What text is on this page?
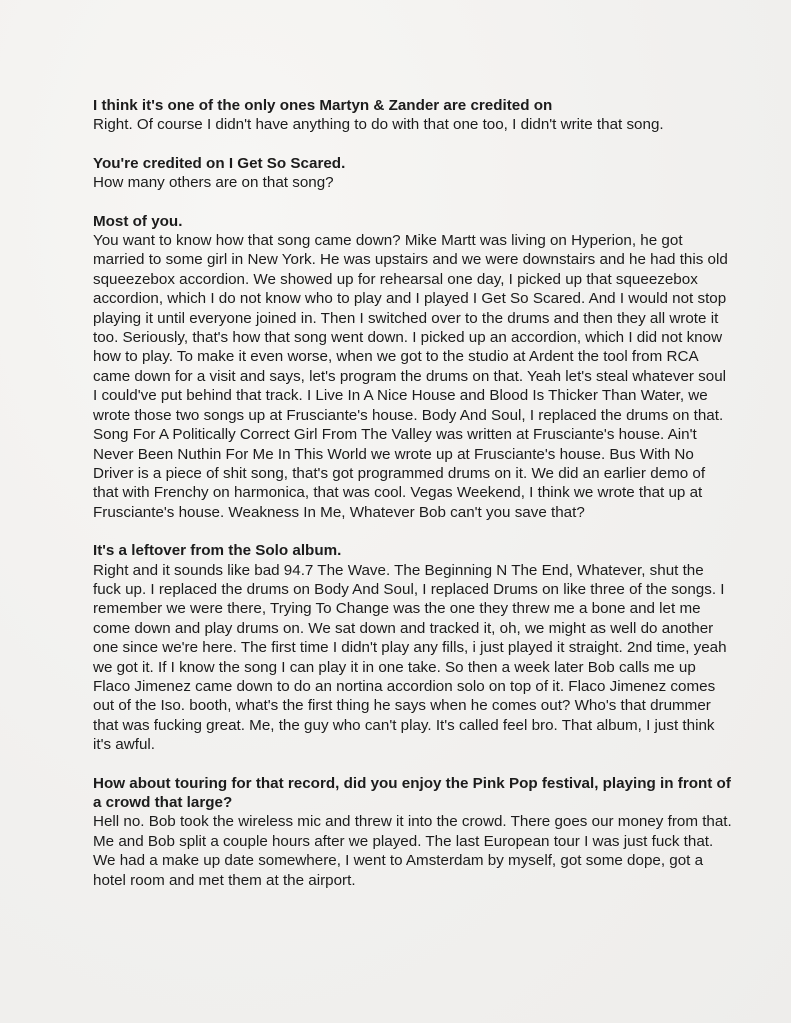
I think it's one of the only ones Martyn & Zander are credited on

Right. Of course I didn't have anything to do with that one too, I didn't write that song.

You're credited on I Get So Scared.

How many others are on that song?

Most of you.

You want to know how that song came down? Mike Martt was living on Hyperion, he got married to some girl in New York. He was upstairs and we were downstairs and he had this old squeezebox accordion. We showed up for rehearsal one day, I picked up that squeezebox accordion, which I do not know who to play and I played I Get So Scared. And I would not stop playing it until everyone joined in. Then I switched over to the drums and then they all wrote it too. Seriously, that's how that song went down. I picked up an accordion, which I did not know how to play. To make it even worse, when we got to the studio at Ardent the tool from RCA came down for a visit and says, let's program the drums on that. Yeah let's steal whatever soul I could've put behind that track. I Live In A Nice House and Blood Is Thicker Than Water, we wrote those two songs up at Frusciante's house. Body And Soul, I replaced the drums on that. Song For A Politically Correct Girl From The Valley was written at Frusciante's house. Ain't Never Been Nuthin For Me In This World we wrote up at Frusciante's house. Bus With No Driver is a piece of shit song, that's got programmed drums on it. We did an earlier demo of that with Frenchy on harmonica, that was cool. Vegas Weekend, I think we wrote that up at Frusciante's house. Weakness In Me, Whatever Bob can't you save that?

It's a leftover from the Solo album.

Right and it sounds like bad 94.7 The Wave. The Beginning N The End, Whatever, shut the fuck up. I replaced the drums on Body And Soul, I replaced Drums on like three of the songs. I remember we were there, Trying To Change was the one they threw me a bone and let me come down and play drums on. We sat down and tracked it, oh, we might as well do another one since we're here. The first time I didn't play any fills, i just played it straight. 2nd time, yeah we got it. If I know the song I can play it in one take. So then a week later Bob calls me up Flaco Jimenez came down to do an nortina accordion solo on top of it. Flaco Jimenez comes out of the Iso. booth, what's the first thing he says when he comes out? Who's that drummer that was fucking great. Me, the guy who can't play. It's called feel bro. That album, I just think it's awful.

How about touring for that record, did you enjoy the Pink Pop festival, playing in front of a crowd that large?

Hell no. Bob took the wireless mic and threw it into the crowd. There goes our money from that. Me and Bob split a couple hours after we played. The last European tour I was just fuck that. We had a make up date somewhere, I went to Amsterdam by myself, got some dope, got a hotel room and met them at the airport.
